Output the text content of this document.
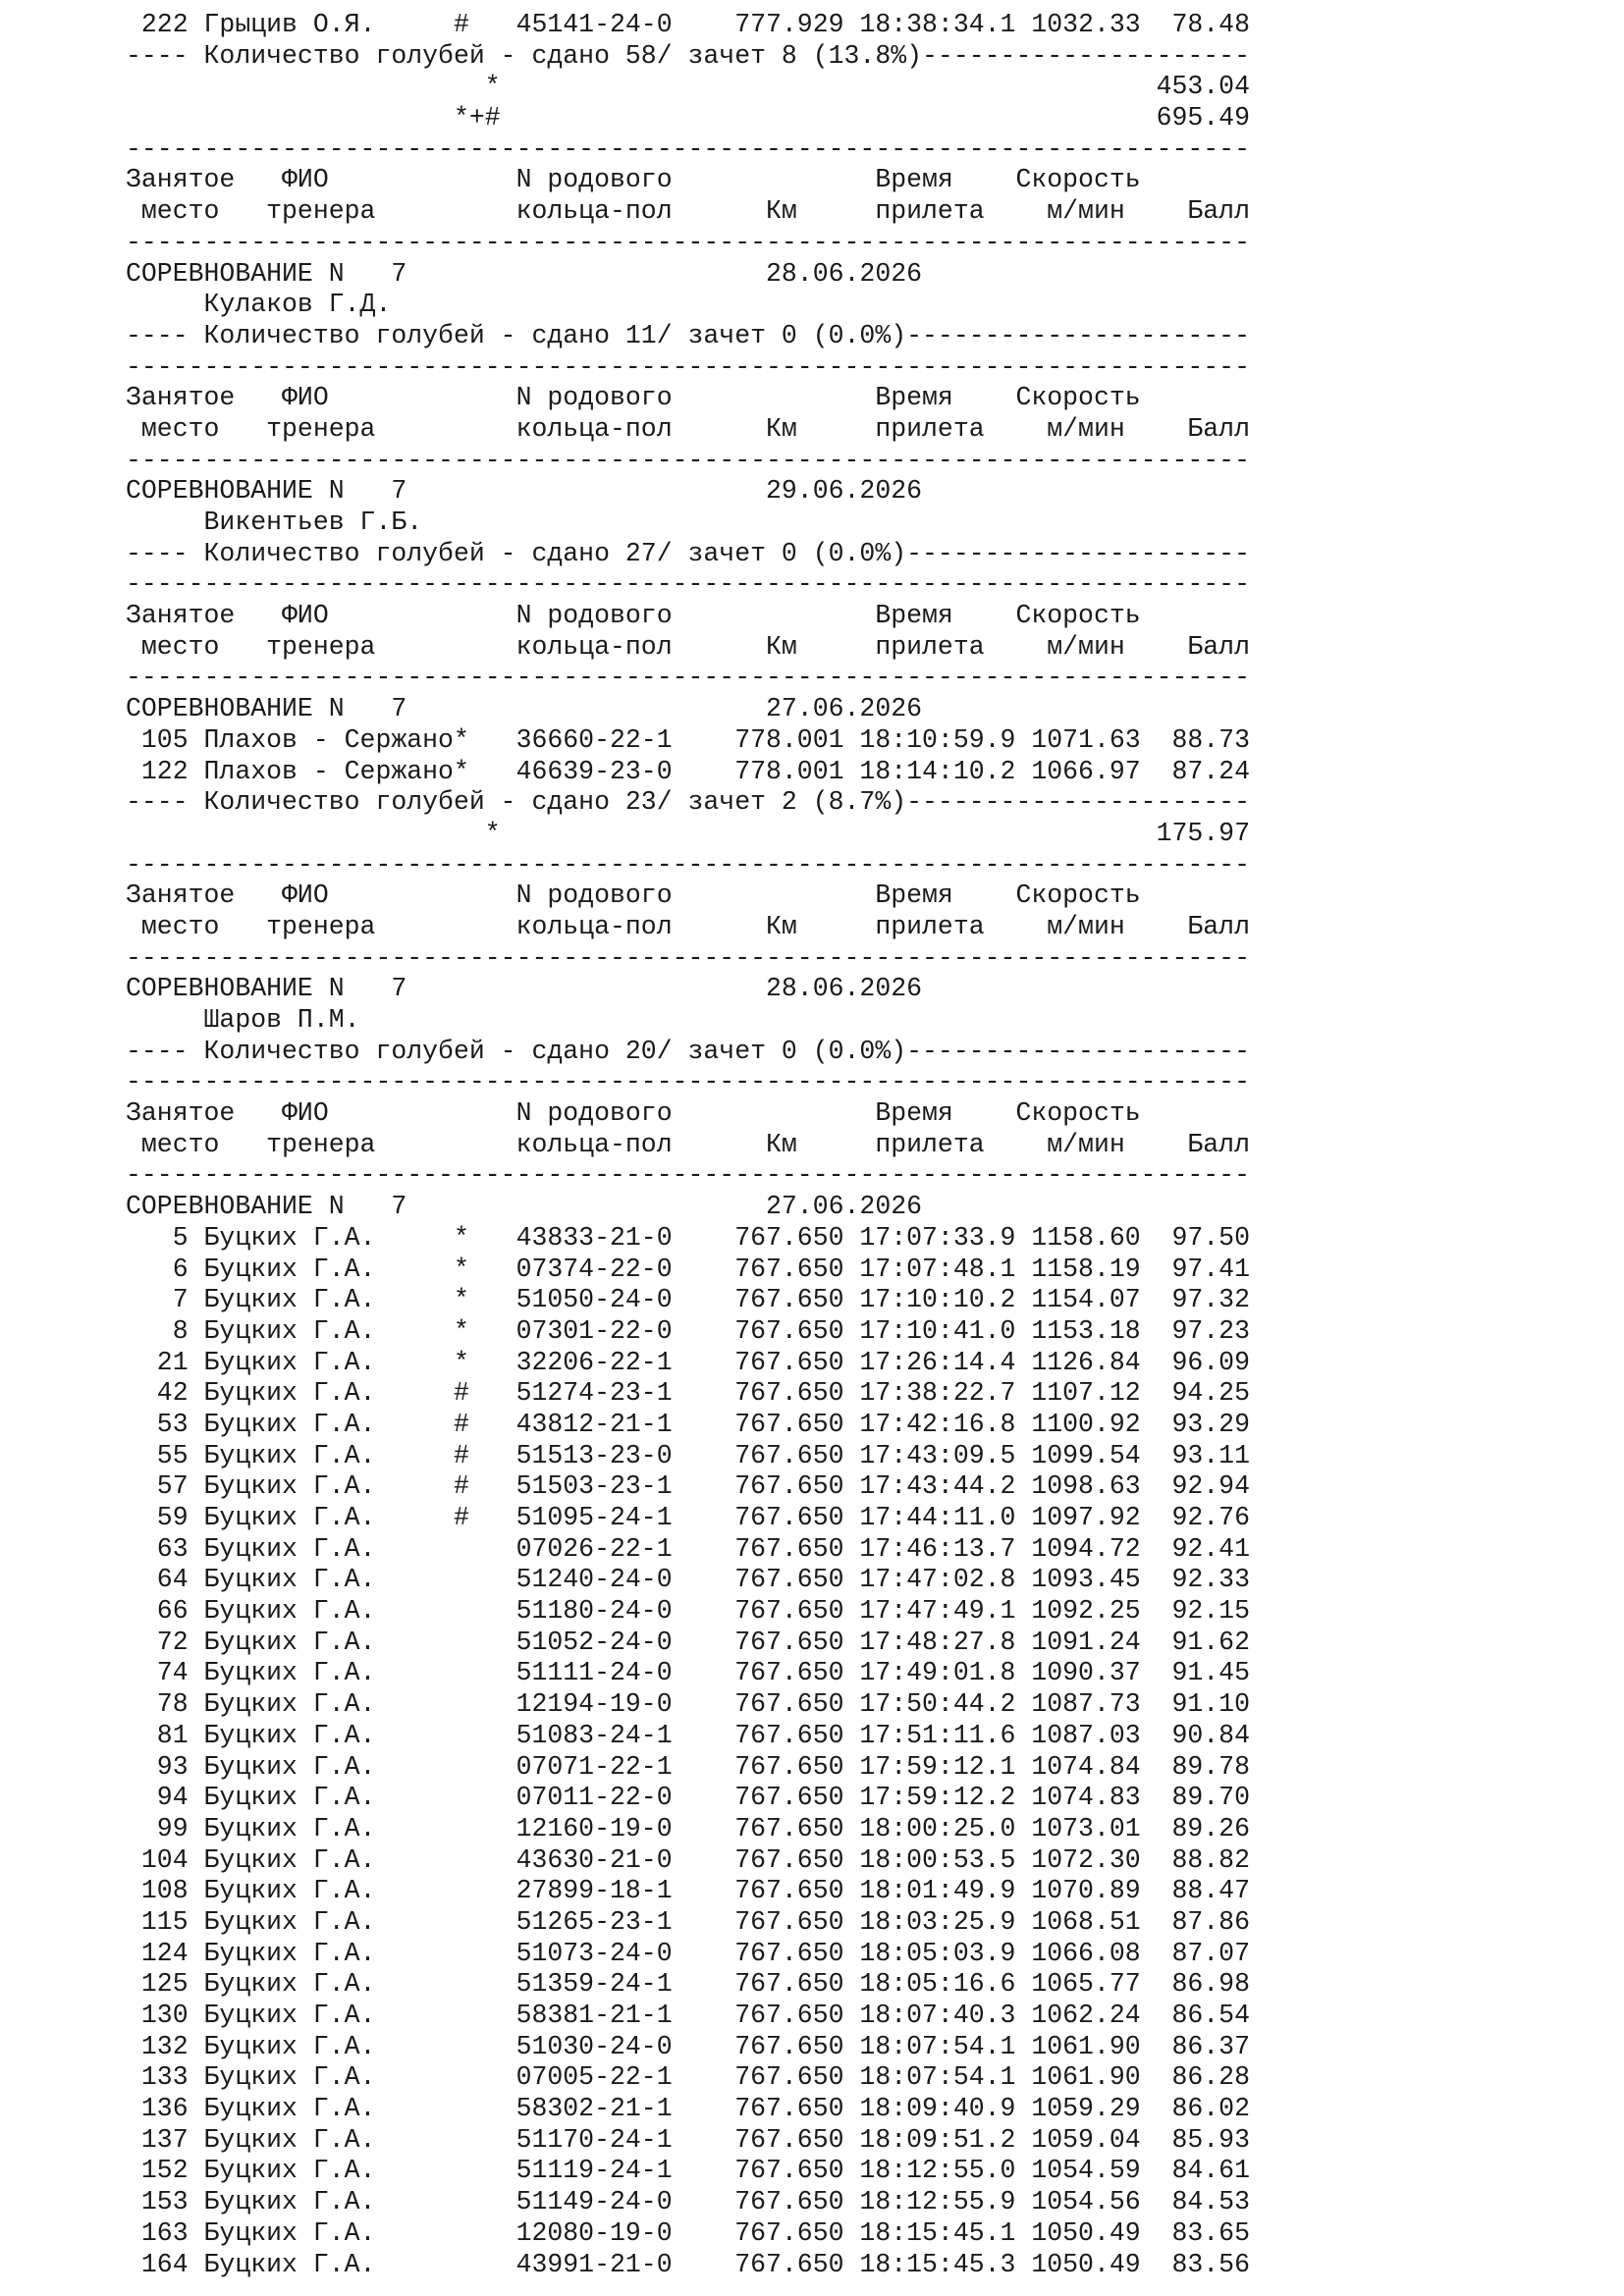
222 Грыцив О.Я.     #   45141-24-0    777.929 18:38:34.1 1032.33  78.48
---- Количество голубей - сдано 58/ зачет 8 (13.8%)---------------------
*                                          453.04
*+#                                          695.49
------------------------------------------------------------------------
Занятое   ФИО            N родового             Время    Скорость
место   тренера         кольца-пол      Км     прилета    м/мин    Балл
------------------------------------------------------------------------
СОРЕВНОВАНИЕ N   7                       28.06.2026
Кулаков Г.Д.
---- Количество голубей - сдано 11/ зачет 0 (0.0%)----------------------
------------------------------------------------------------------------
Занятое   ФИО            N родового             Время    Скорость
место   тренера         кольца-пол      Км     прилета    м/мин    Балл
------------------------------------------------------------------------
СОРЕВНОВАНИЕ N   7                       29.06.2026
Викентьев Г.Б.
---- Количество голубей - сдано 27/ зачет 0 (0.0%)----------------------
------------------------------------------------------------------------
Занятое   ФИО            N родового             Время    Скорость
место   тренера         кольца-пол      Км     прилета    м/мин    Балл
------------------------------------------------------------------------
СОРЕВНОВАНИЕ N   7                       27.06.2026
105 Плахов - Сержано*   36660-22-1    778.001 18:10:59.9 1071.63  88.73
122 Плахов - Сержано*   46639-23-0    778.001 18:14:10.2 1066.97  87.24
---- Количество голубей - сдано 23/ зачет 2 (8.7%)----------------------
*                                          175.97
------------------------------------------------------------------------
Занятое   ФИО            N родового             Время    Скорость
место   тренера         кольца-пол      Км     прилета    м/мин    Балл
------------------------------------------------------------------------
СОРЕВНОВАНИЕ N   7                       28.06.2026
Шаров П.М.
---- Количество голубей - сдано 20/ зачет 0 (0.0%)----------------------
------------------------------------------------------------------------
Занятое   ФИО            N родового             Время    Скорость
место   тренера         кольца-пол      Км     прилета    м/мин    Балл
------------------------------------------------------------------------
СОРЕВНОВАНИЕ N   7                       27.06.2026
5 Буцких Г.А.     *   43833-21-0    767.650 17:07:33.9 1158.60  97.50
6 Буцких Г.А.     *   07374-22-0    767.650 17:07:48.1 1158.19  97.41
7 Буцких Г.А.     *   51050-24-0    767.650 17:10:10.2 1154.07  97.32
8 Буцких Г.А.     *   07301-22-0    767.650 17:10:41.0 1153.18  97.23
21 Буцких Г.А.     *   32206-22-1    767.650 17:26:14.4 1126.84  96.09
42 Буцких Г.А.     #   51274-23-1    767.650 17:38:22.7 1107.12  94.25
53 Буцких Г.А.     #   43812-21-1    767.650 17:42:16.8 1100.92  93.29
55 Буцких Г.А.     #   51513-23-0    767.650 17:43:09.5 1099.54  93.11
57 Буцких Г.А.     #   51503-23-1    767.650 17:43:44.2 1098.63  92.94
59 Буцких Г.А.     #   51095-24-1    767.650 17:44:11.0 1097.92  92.76
63 Буцких Г.А.         07026-22-1    767.650 17:46:13.7 1094.72  92.41
64 Буцких Г.А.         51240-24-0    767.650 17:47:02.8 1093.45  92.33
66 Буцких Г.А.         51180-24-0    767.650 17:47:49.1 1092.25  92.15
72 Буцких Г.А.         51052-24-0    767.650 17:48:27.8 1091.24  91.62
74 Буцких Г.А.         51111-24-0    767.650 17:49:01.8 1090.37  91.45
78 Буцких Г.А.         12194-19-0    767.650 17:50:44.2 1087.73  91.10
81 Буцких Г.А.         51083-24-1    767.650 17:51:11.6 1087.03  90.84
93 Буцких Г.А.         07071-22-1    767.650 17:59:12.1 1074.84  89.78
94 Буцких Г.А.         07011-22-0    767.650 17:59:12.2 1074.83  89.70
99 Буцких Г.А.         12160-19-0    767.650 18:00:25.0 1073.01  89.26
104 Буцких Г.А.         43630-21-0    767.650 18:00:53.5 1072.30  88.82
108 Буцких Г.А.         27899-18-1    767.650 18:01:49.9 1070.89  88.47
115 Буцких Г.А.         51265-23-1    767.650 18:03:25.9 1068.51  87.86
124 Буцких Г.А.         51073-24-0    767.650 18:05:03.9 1066.08  87.07
125 Буцких Г.А.         51359-24-1    767.650 18:05:16.6 1065.77  86.98
130 Буцких Г.А.         58381-21-1    767.650 18:07:40.3 1062.24  86.54
132 Буцких Г.А.         51030-24-0    767.650 18:07:54.1 1061.90  86.37
133 Буцких Г.А.         07005-22-1    767.650 18:07:54.1 1061.90  86.28
136 Буцких Г.А.         58302-21-1    767.650 18:09:40.9 1059.29  86.02
137 Буцких Г.А.         51170-24-1    767.650 18:09:51.2 1059.04  85.93
152 Буцких Г.А.         51119-24-1    767.650 18:12:55.0 1054.59  84.61
153 Буцких Г.А.         51149-24-0    767.650 18:12:55.9 1054.56  84.53
163 Буцких Г.А.         12080-19-0    767.650 18:15:45.1 1050.49  83.65
164 Буцких Г.А.         43991-21-0    767.650 18:15:45.3 1050.49  83.56
